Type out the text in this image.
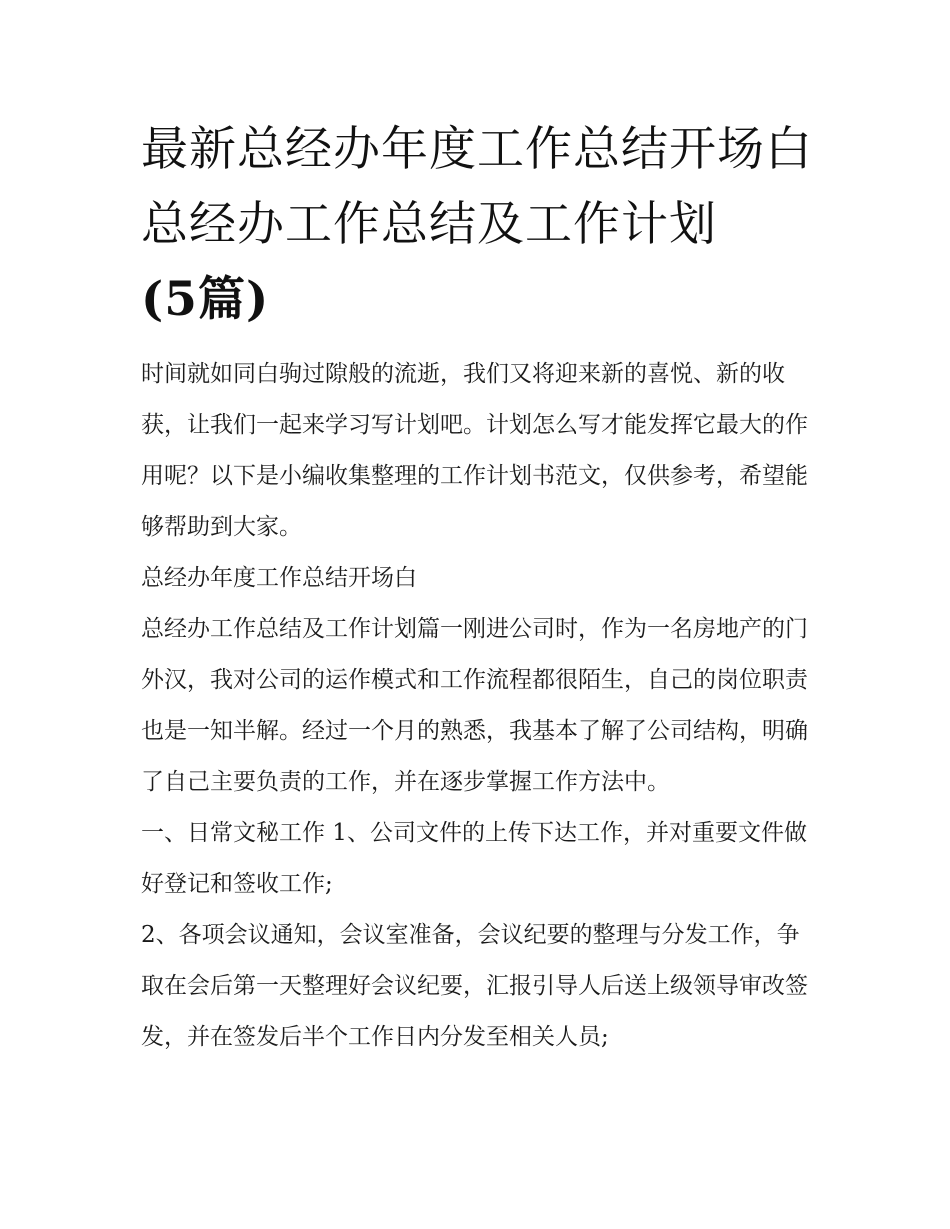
最新总经办年度工作总结开场白 总经办工作总结及工作计划
(5篇)

时间就如同白驹过隙般的流逝，我们又将迎来新的喜悦、新的收获，让我们一起来学习写计划吧。计划怎么写才能发挥它最大的作用呢？以下是小编收集整理的工作计划书范文，仅供参考，希望能够帮助到大家。

总经办年度工作总结开场白

总经办工作总结及工作计划篇一刚进公司时，作为一名房地产的门外汉，我对公司的运作模式和工作流程都很陌生，自己的岗位职责也是一知半解。经过一个月的熟悉，我基本了解了公司结构，明确了自己主要负责的工作，并在逐步掌握工作方法中。

一、日常文秘工作 1、公司文件的上传下达工作，并对重要文件做好登记和签收工作;

2、各项会议通知，会议室准备，会议纪要的整理与分发工作，争取在会后第一天整理好会议纪要，汇报引导人后送上级领导审改签发，并在签发后半个工作日内分发至相关人员;
